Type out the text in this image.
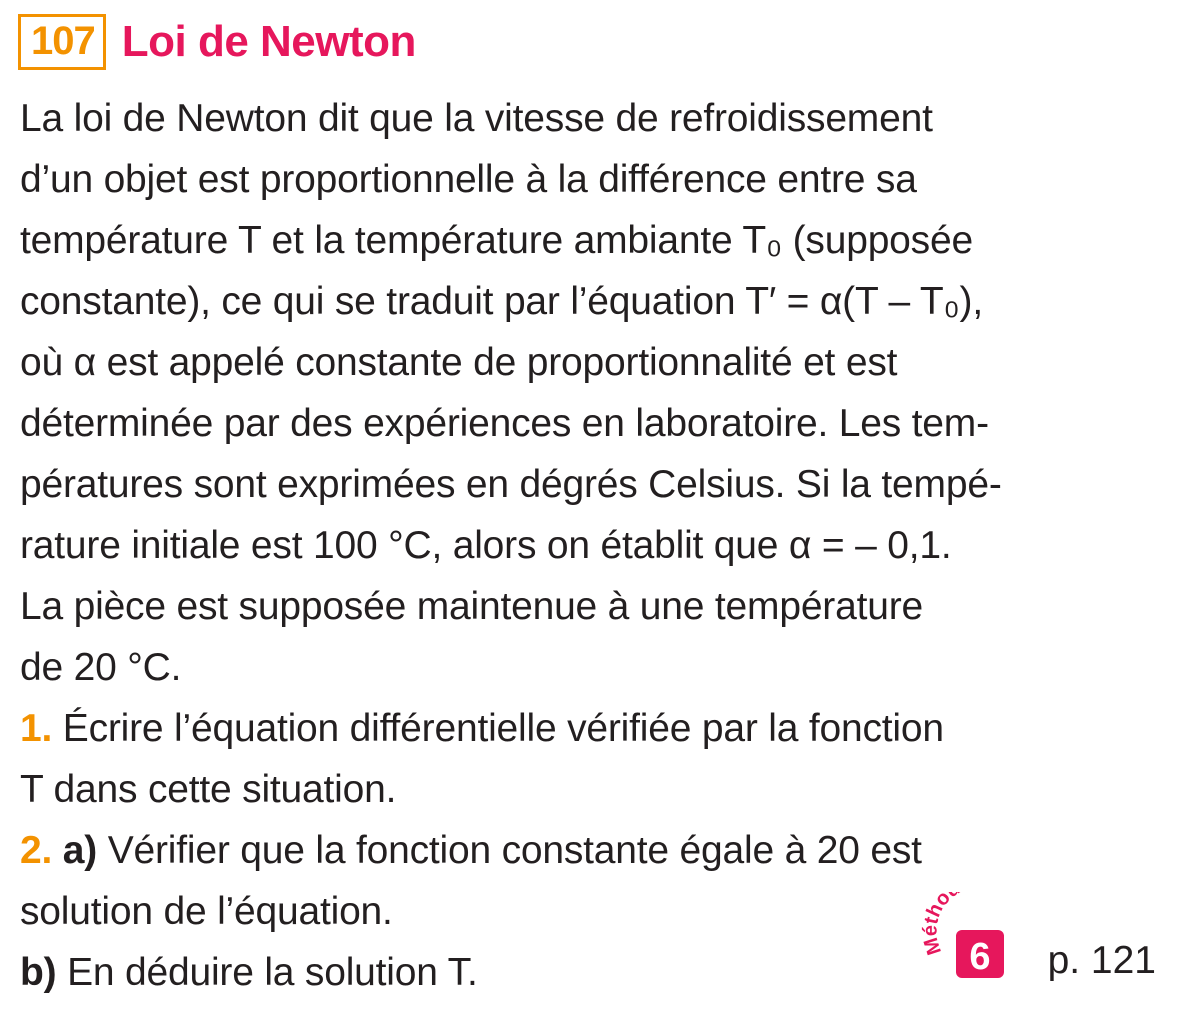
107 Loi de Newton

La loi de Newton dit que la vitesse de refroidissement

d’un objet est proportionnelle à la différence entre sa

température T et la température ambiante T₀ (supposée

constante), ce qui se traduit par l’équation T′ = α(T – T₀),

où α est appelé constante de proportionnalité et est

déterminée par des expériences en laboratoire. Les tem-

pératures sont exprimées en dégrés Celsius. Si la tempé-

rature initiale est 100 °C, alors on établit que α = – 0,1.

La pièce est supposée maintenue à une température

de 20 °C.

1. Écrire l’équation différentielle vérifiée par la fonction

T dans cette situation.

2. a) Vérifier que la fonction constante égale à 20 est

solution de l’équation.

b) En déduire la solution T.

Métho
6 p. 121
